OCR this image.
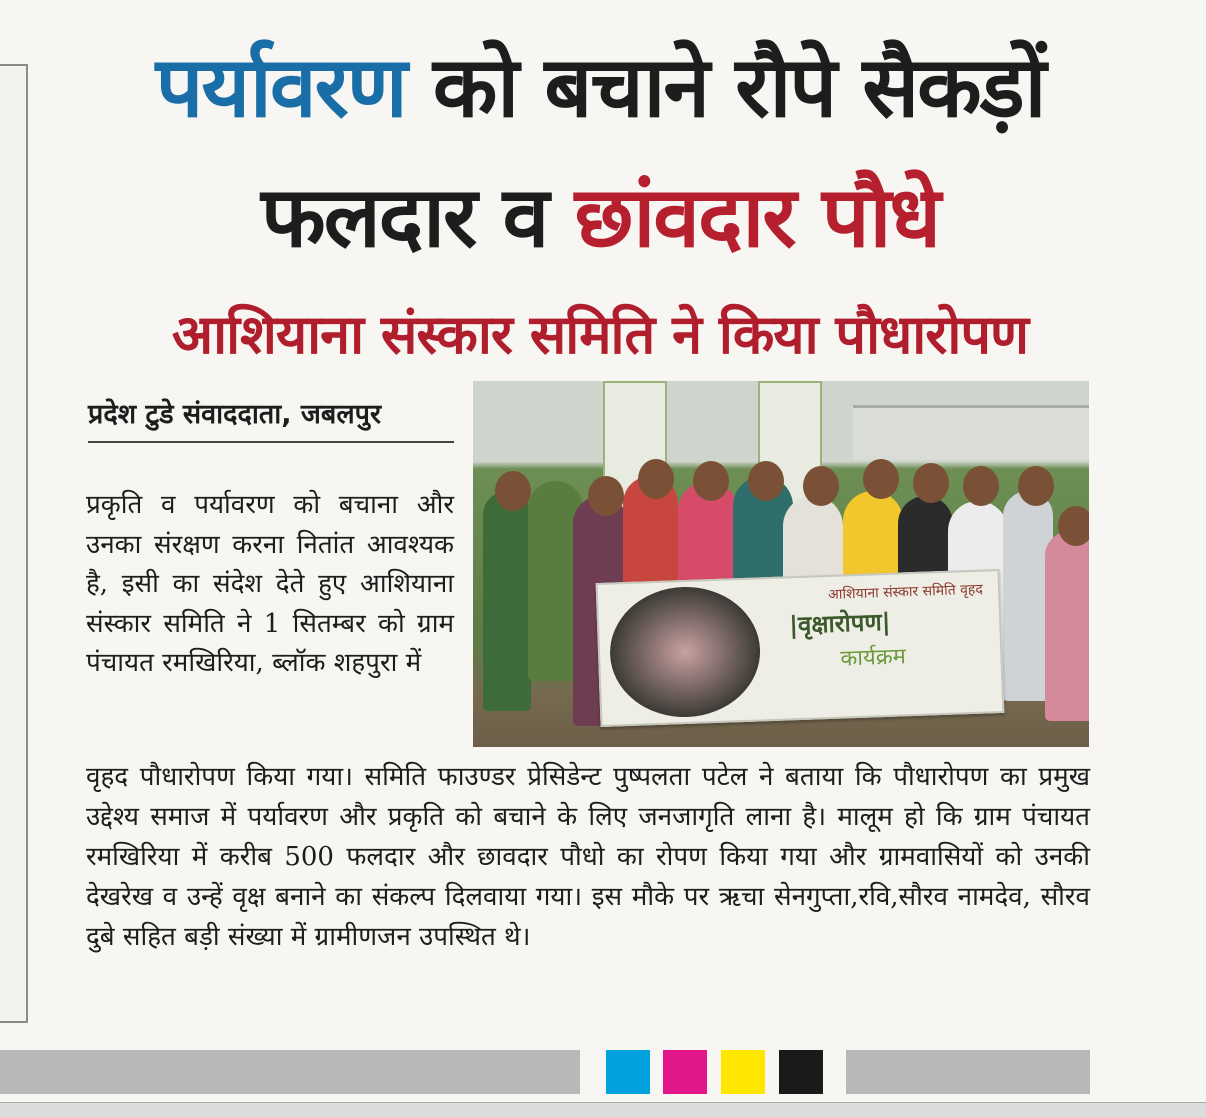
पर्यावरण को बचाने रौपे सैकड़ों
फलदार व छांवदार पौधे
आशियाना संस्कार समिति ने किया पौधारोपण
प्रदेश टुडे संवाददाता, जबलपुर
आशियाना संस्कार समिति वृहद
|वृक्षारोपण|
कार्यक्रम
प्रकृति व पर्यावरण को बचाना और उनका संरक्षण करना नितांत आवश्यक है, इसी का संदेश देते हुए आशियाना संस्कार समिति ने 1 सितम्बर को ग्राम पंचायत रमखिरिया, ब्लॉक शहपुरा में
वृहद पौधारोपण किया गया। समिति फाउण्डर प्रेसिडेन्ट पुष्पलता पटेल ने बताया कि पौधारोपण का प्रमुख उद्देश्य समाज में पर्यावरण और प्रकृति को बचाने के लिए जनजागृति लाना है। मालूम हो कि ग्राम पंचायत रमखिरिया में करीब 500 फलदार और छावदार पौधो का रोपण किया गया और ग्रामवासियों को उनकी देखरेख व उन्हें वृक्ष बनाने का संकल्प दिलवाया गया। इस मौके पर ऋचा सेनगुप्ता,रवि,सौरव नामदेव, सौरव दुबे सहित बड़ी संख्या में ग्रामीणजन उपस्थित थे।
